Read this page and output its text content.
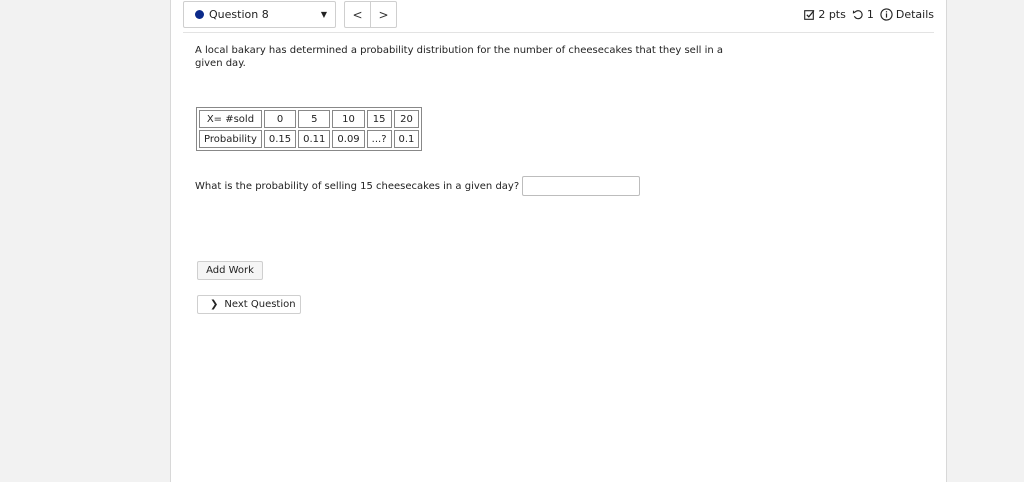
Question 8	▼	<	>	2 pts 1 Details
A local bakary has determined a probability distribution for the number of cheesecakes that they sell in a given day.
X= #sold	0	5	10	15	20
Probability	0.15	0.11	0.09	...?	0.1
What is the probability of selling 15 cheesecakes in a given day?
Add Work
❯ Next Question
